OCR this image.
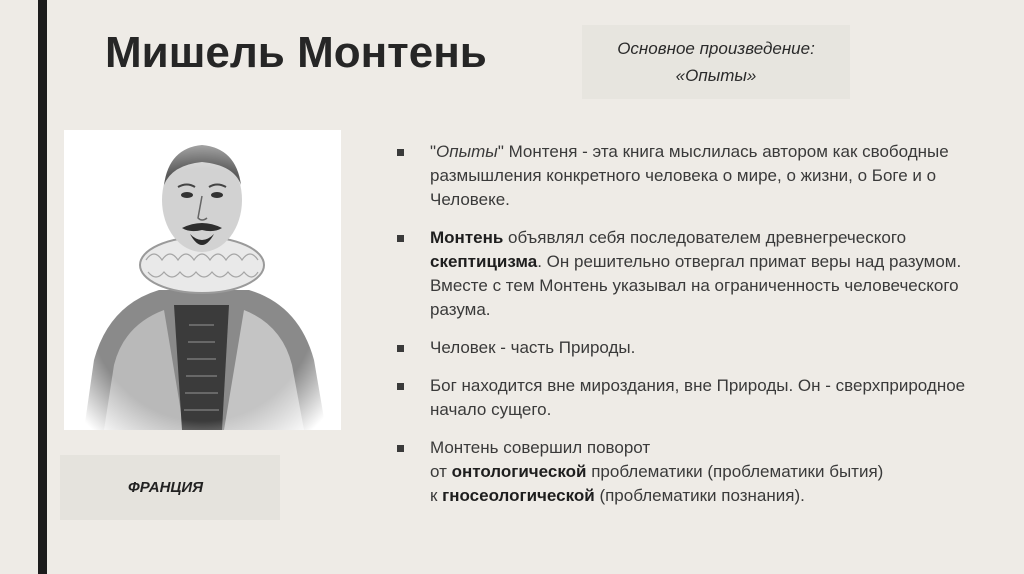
Мишель Монтень	Основное произведение:
«Опыты»
ФРАНЦИЯ
"Опыты" Монтеня - эта книга мыслилась автором как свободные размышления конкретного человека о мире, о жизни, о Боге и о Человеке.
Монтень объявлял себя последователем древнегреческого скептицизма. Он решительно отвергал примат веры над разумом. Вместе с тем Монтень указывал на ограниченность человеческого разума.
Человек - часть Природы.
Бог находится вне мироздания, вне Природы. Он - сверхприродное начало сущего.
Монтень совершил поворот
от онтологической проблематики (проблематики бытия)
к гносеологической (проблематики познания).
